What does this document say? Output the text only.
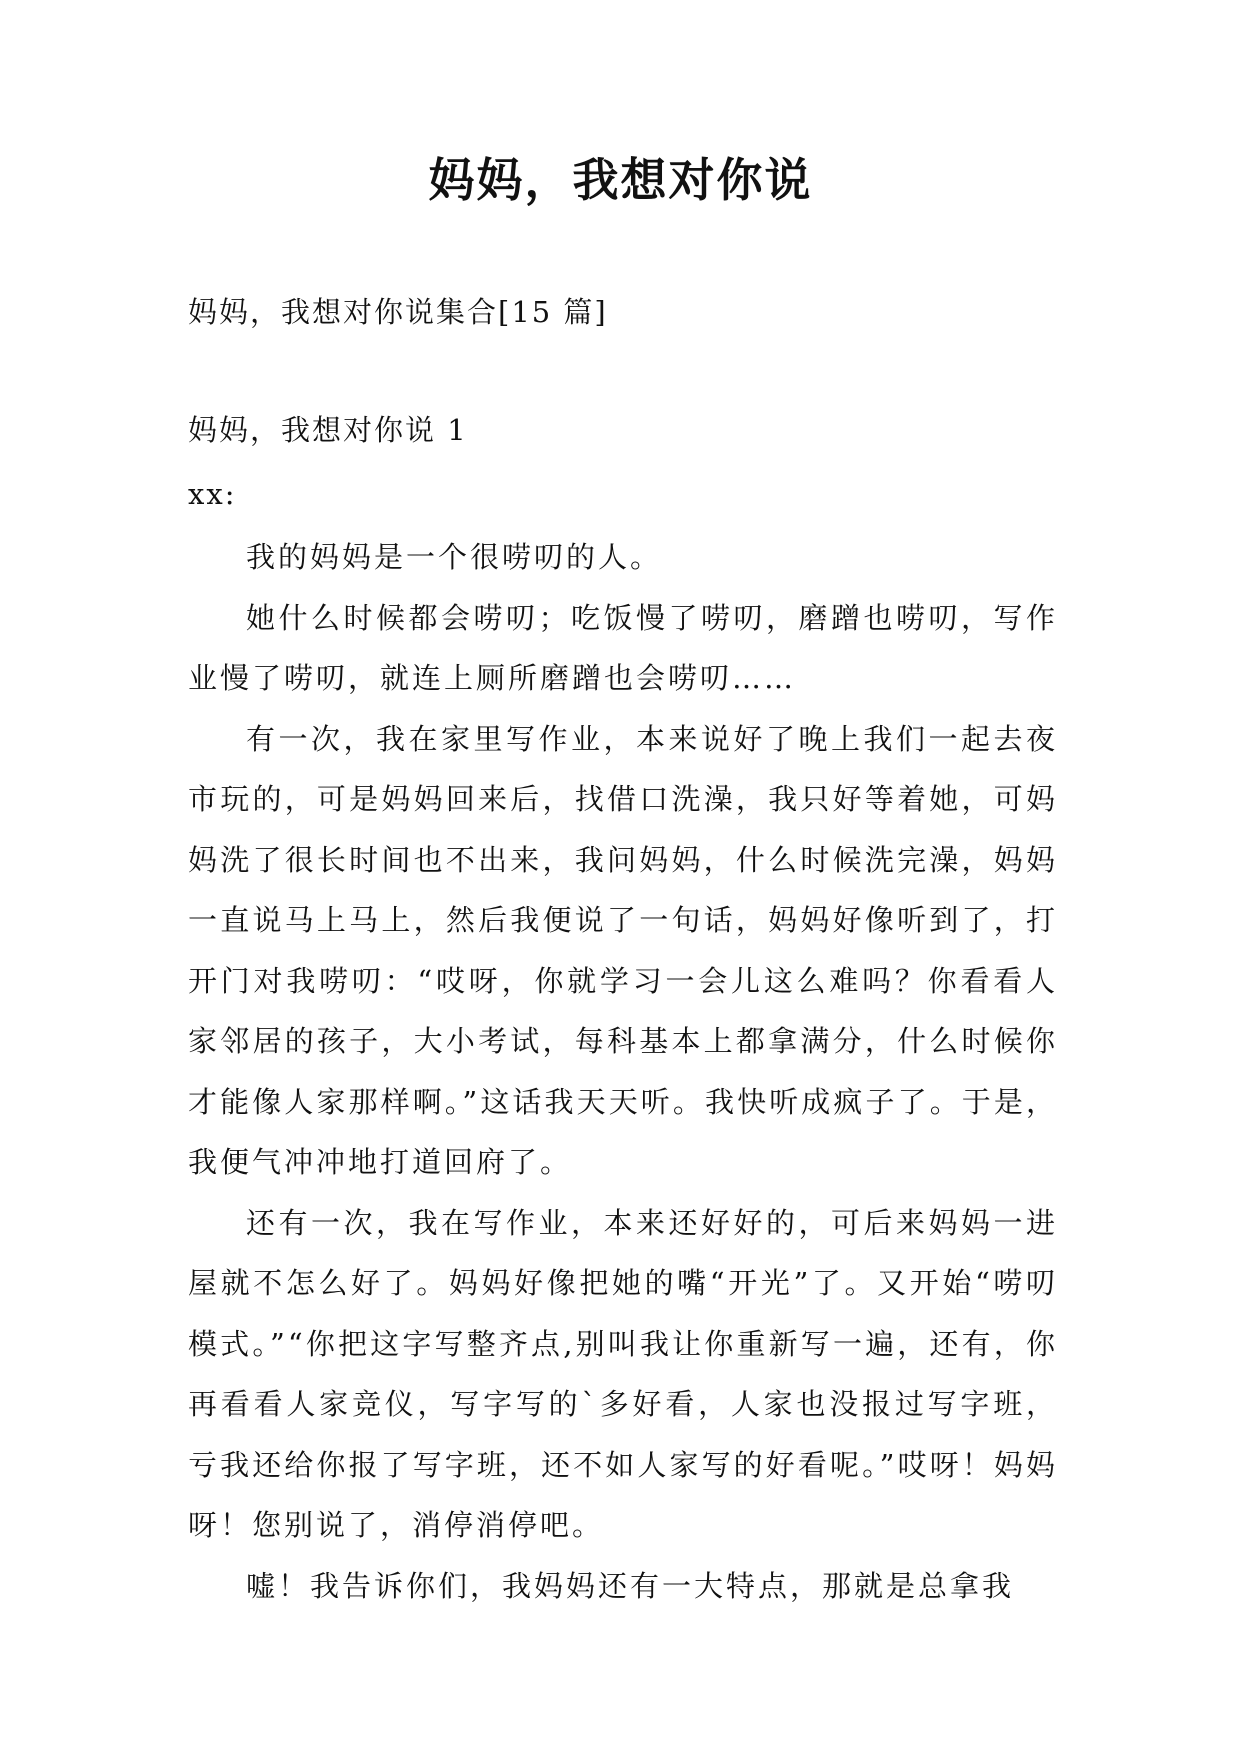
妈妈，我想对你说
妈妈，我想对你说集合[15 篇]
妈妈，我想对你说 1
xx:

我的妈妈是一个很唠叨的人。

她什么时候都会唠叨；吃饭慢了唠叨，磨蹭也唠叨，写作业慢了唠叨，就连上厕所磨蹭也会唠叨……

有一次，我在家里写作业，本来说好了晚上我们一起去夜市玩的，可是妈妈回来后，找借口洗澡，我只好等着她，可妈妈洗了很长时间也不出来，我问妈妈，什么时候洗完澡，妈妈一直说马上马上，然后我便说了一句话，妈妈好像听到了，打开门对我唠叨：“哎呀，你就学习一会儿这么难吗？你看看人家邻居的孩子，大小考试，每科基本上都拿满分，什么时候你才能像人家那样啊。”这话我天天听。我快听成疯子了。于是，我便气冲冲地打道回府了。

还有一次，我在写作业，本来还好好的，可后来妈妈一进屋就不怎么好了。妈妈好像把她的嘴“开光”了。又开始“唠叨模式。”“你把这字写整齐点,别叫我让你重新写一遍，还有，你再看看人家竞仪，写字写的`多好看，人家也没报过写字班，亏我还给你报了写字班，还不如人家写的好看呢。”哎呀！妈妈呀！您别说了，消停消停吧。

嘘！我告诉你们，我妈妈还有一大特点，那就是总拿我
